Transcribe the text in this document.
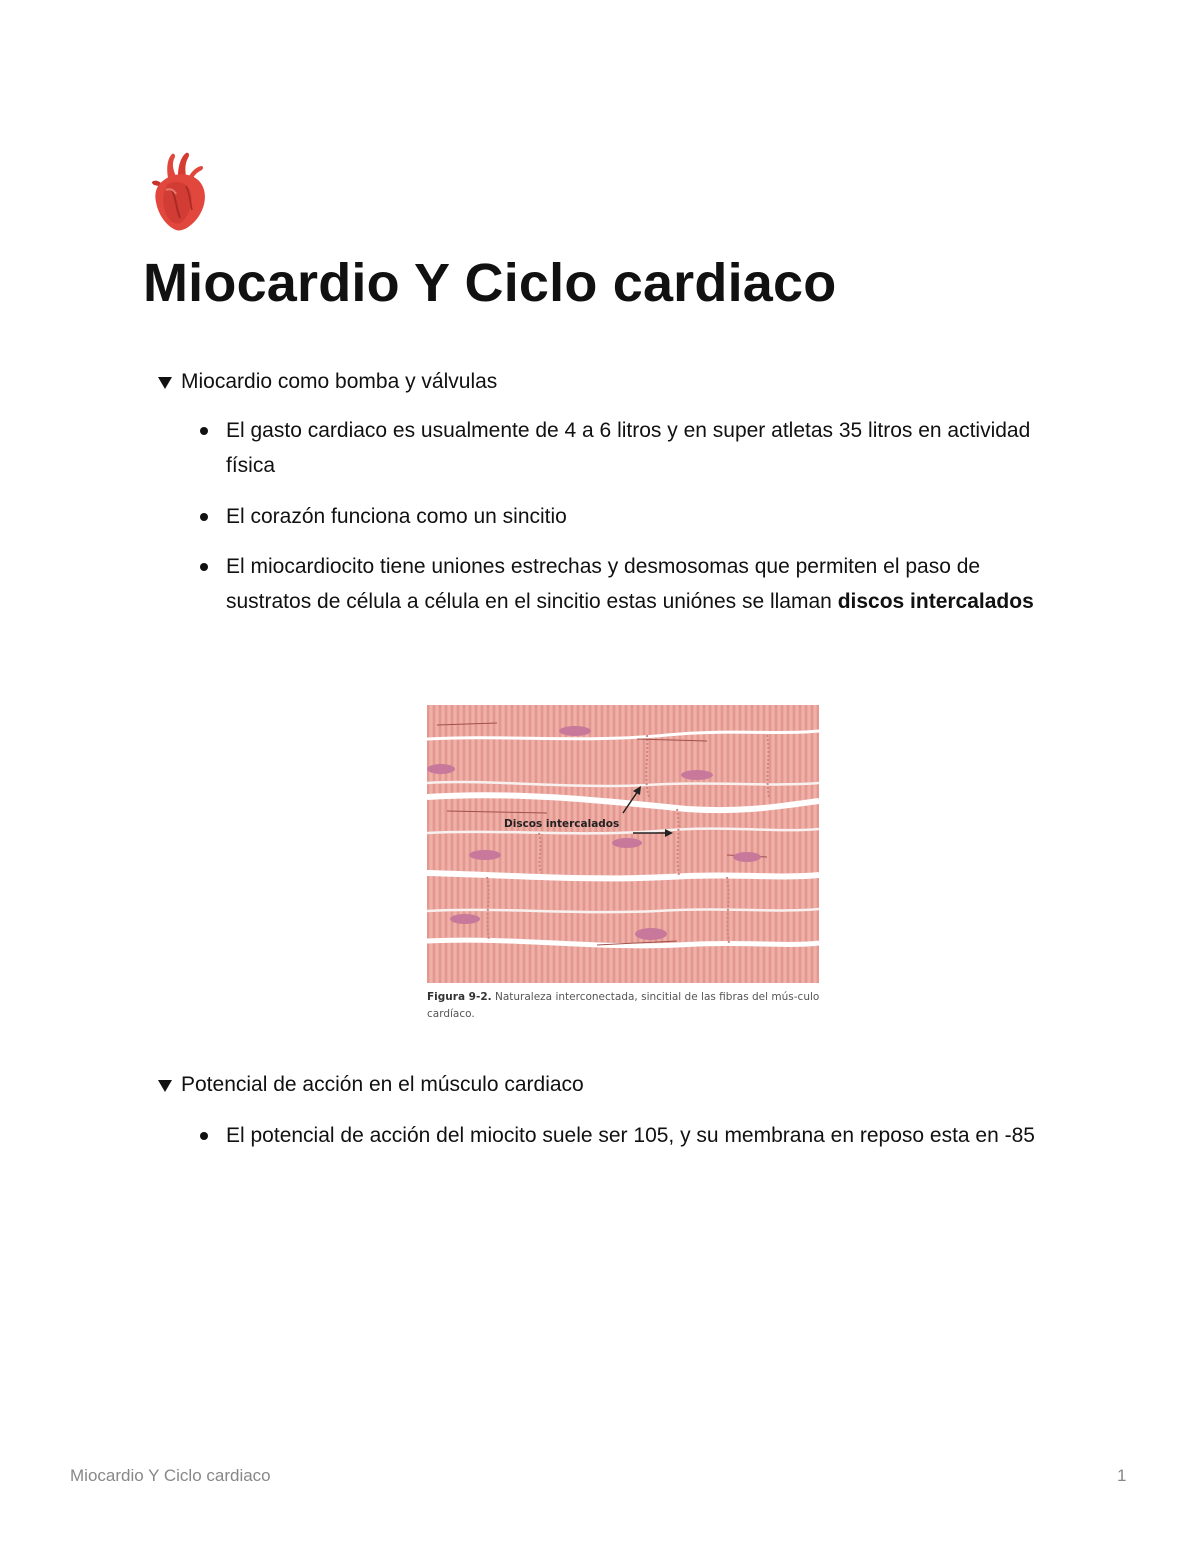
Miocardio Y Ciclo cardiaco
Miocardio como bomba y válvulas
El gasto cardiaco es usualmente de 4 a 6 litros y en super atletas 35 litros en actividad física
El corazón funciona como un sincitio
El miocardiocito tiene uniones estrechas y desmosomas que permiten el paso de sustratos de célula a célula en el sincitio estas uniónes se llaman discos intercalados
Discos intercalados
Figura 9-2. Naturaleza interconectada, sincitial de las fibras del mús-culo cardíaco.
Potencial de acción en el músculo cardiaco
El potencial de acción del miocito suele ser 105, y su membrana en reposo esta en -85
Miocardio Y Ciclo cardiaco	1
